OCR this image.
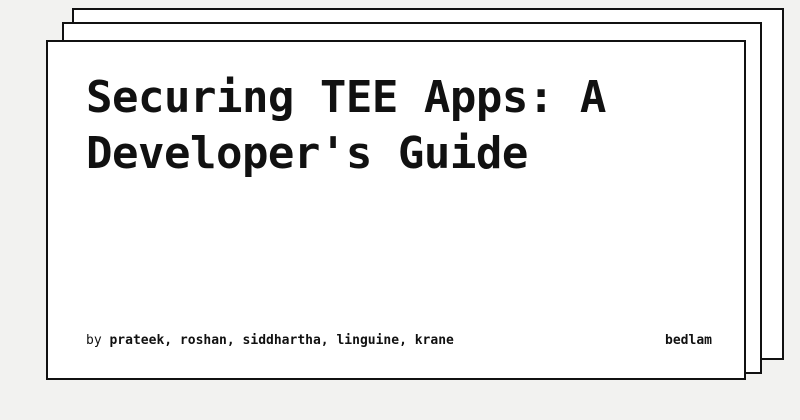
Securing TEE Apps: A Developer's Guide
by prateek, roshan, siddhartha, linguine, krane	bedlam
